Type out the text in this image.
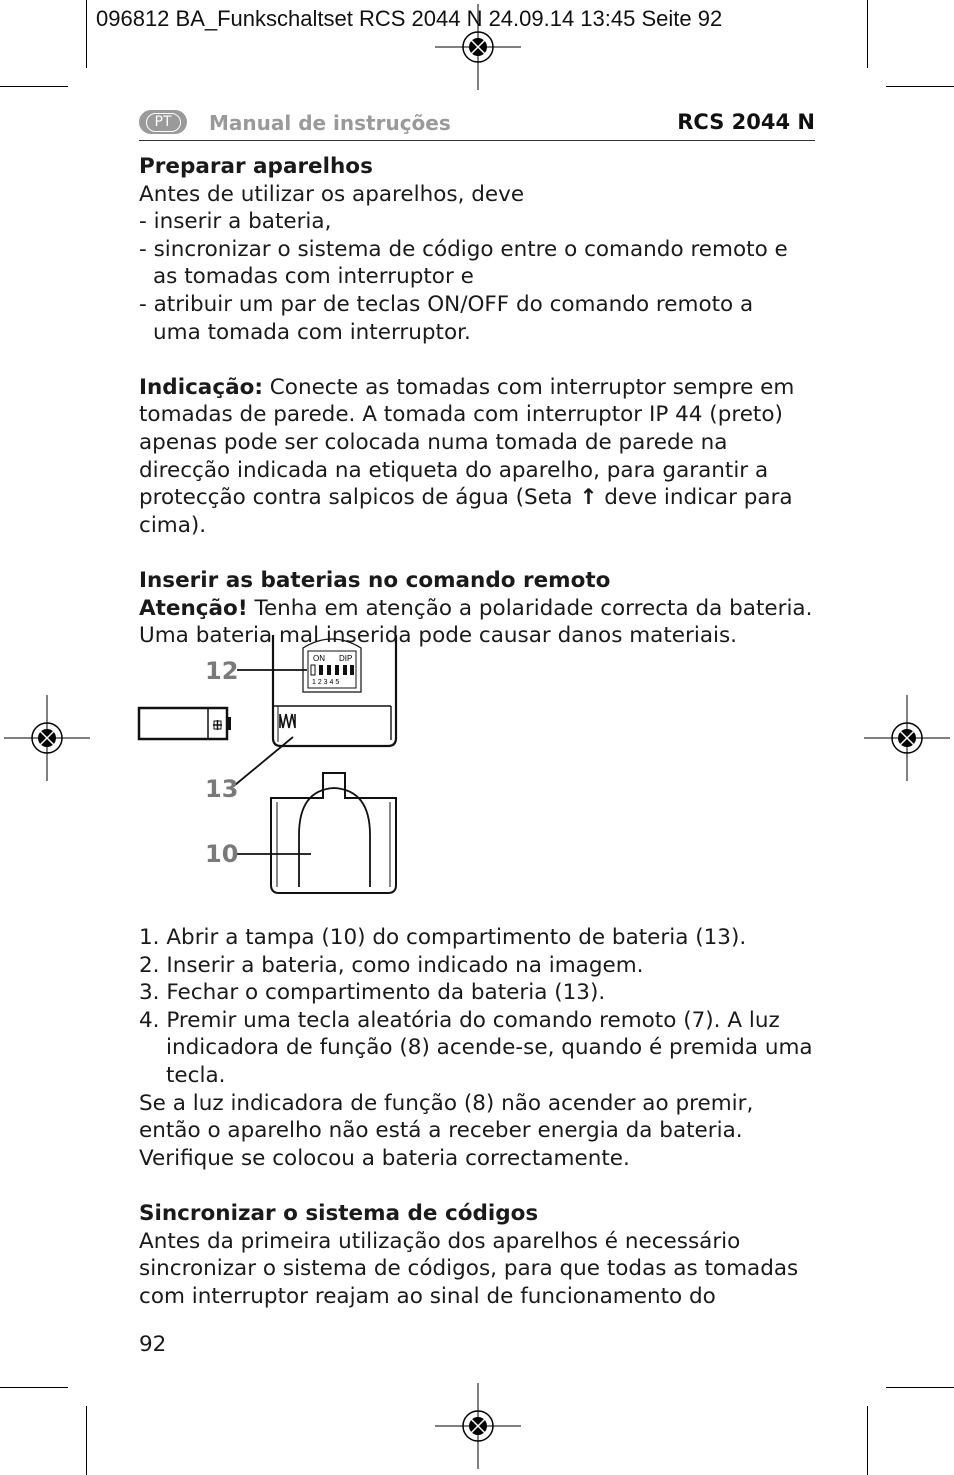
096812 BA_Funkschaltset RCS 2044 N 24.09.14 13:45 Seite 92
PT	Manual de instruções	RCS 2044 N

Preparar aparelhos

Antes de utilizar os aparelhos, deve

- inserir a bateria,

- sincronizar o sistema de código entre o comando remoto e as tomadas com interruptor e

- atribuir um par de teclas ON/OFF do comando remoto a uma tomada com interruptor.

Indicação: Conecte as tomadas com interruptor sempre em tomadas de parede. A tomada com interruptor IP 44 (preto) apenas pode ser colocada numa tomada de parede na direcção indicada na etiqueta do aparelho, para garantir a protecção contra salpicos de água (Seta ↑ deve indicar para cima).

Inserir as baterias no comando remoto

Atenção! Tenha em atenção a polaridade correcta da bateria. Uma bateria mal inserida pode causar danos materiais.

ON DIP
1 2 3 4 5
12
13
10

1. Abrir a tampa (10) do compartimento de bateria (13).

2. Inserir a bateria, como indicado na imagem.

3. Fechar o compartimento da bateria (13).

4. Premir uma tecla aleatória do comando remoto (7). A luz indicadora de função (8) acende-se, quando é premida uma tecla.

Se a luz indicadora de função (8) não acender ao premir, então o aparelho não está a receber energia da bateria. Verifique se colocou a bateria correctamente.

Sincronizar o sistema de códigos

Antes da primeira utilização dos aparelhos é necessário sincronizar o sistema de códigos, para que todas as tomadas com interruptor reajam ao sinal de funcionamento do

92
